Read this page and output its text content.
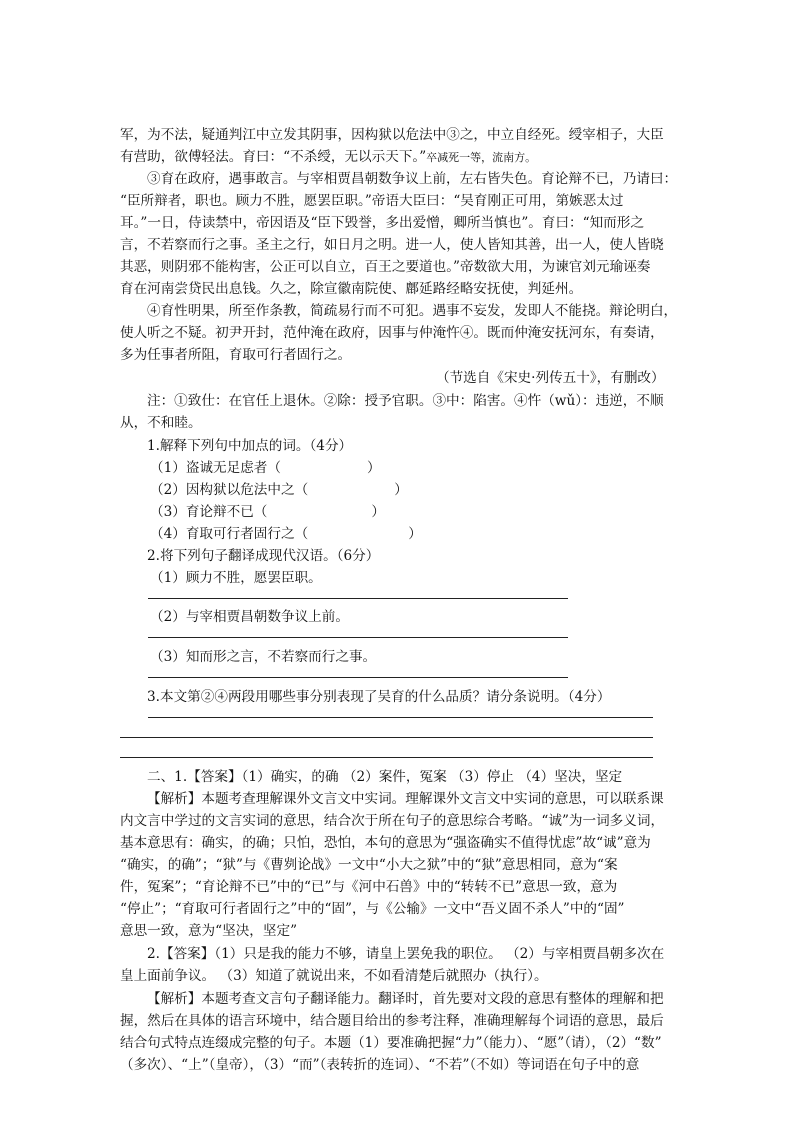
军，为不法，疑通判江中立发其阴事，因构狱以危法中③之，中立自经死。绶宰相子，大臣
有营助，欲傅轻法。育曰：“不杀绶，无以示天下。”卒减死一等，流南方。
③育在政府，遇事敢言。与宰相贾昌朝数争议上前，左右皆失色。育论辩不已，乃请曰：
“臣所辩者，职也。顾力不胜，愿罢臣职。”帝语大臣曰：“吴育刚正可用，第嫉恶太过
耳。”一日，侍读禁中，帝因语及“臣下毁誉，多出爱憎，卿所当慎也”。育曰：“知而形之
言，不若察而行之事。圣主之行，如日月之明。进一人，使人皆知其善，出一人，使人皆晓
其恶，则阴邪不能构害，公正可以自立，百王之要道也。”帝数欲大用，为谏官刘元瑜诬奏
育在河南尝贷民出息钱。久之，除宣徽南院使、鄜延路经略安抚使，判延州。
④育性明果，所至作条教，简疏易行而不可犯。遇事不妄发，发即人不能挠。辩论明白，
使人听之不疑。初尹开封，范仲淹在政府，因事与仲淹忤④。既而仲淹安抚河东，有奏请，
多为任事者所阻，育取可行者固行之。
（节选自《宋史·列传五十》，有删改）
注：①致仕：在官任上退休。②除：授予官职。③中：陷害。④忤（wǔ）：违逆，不顺
从，不和睦。
1.解释下列句中加点的词。（4分）
（1）盗诚无足虑者（	）
（2）因构狱以危法中之（	）
（3）育论辩不已（	）
（4）育取可行者固行之（	）
2.将下列句子翻译成现代汉语。（6分）
（1）顾力不胜，愿罢臣职。
（2）与宰相贾昌朝数争议上前。
（3）知而形之言，不若察而行之事。
3.本文第②④两段用哪些事分别表现了吴育的什么品质？请分条说明。（4分）
二、1.【答案】（1）确实，的确 （2）案件，冤案 （3）停止 （4）坚决，坚定
【解析】本题考查理解课外文言文中实词。理解课外文言文中实词的意思，可以联系课
内文言中学过的文言实词的意思，结合次于所在句子的意思综合考略。“诚”为一词多义词，
基本意思有：确实，的确；只怕，恐怕，本句的意思为“强盗确实不值得忧虑”故“诚”意为
“确实，的确”；“狱”与《曹刿论战》一文中“小大之狱”中的“狱”意思相同，意为“案
件，冤案”；“育论辩不已”中的“已”与《河中石兽》中的“转转不已”意思一致，意为
“停止”；“育取可行者固行之”中的“固”，与《公输》一文中“吾义固不杀人”中的“固”
意思一致，意为“坚决，坚定”
2.【答案】（1）只是我的能力不够，请皇上罢免我的职位。 （2）与宰相贾昌朝多次在
皇上面前争议。 （3）知道了就说出来，不如看清楚后就照办（执行）。
【解析】本题考查文言句子翻译能力。翻译时，首先要对文段的意思有整体的理解和把
握，然后在具体的语言环境中，结合题目给出的参考注释，准确理解每个词语的意思，最后
结合句式特点连缀成完整的句子。本题（1）要准确把握“力”（能力）、“愿”（请），（2）“数”
（多次）、“上”（皇帝），（3）“而”（表转折的连词）、“不若”（不如）等词语在句子中的意
